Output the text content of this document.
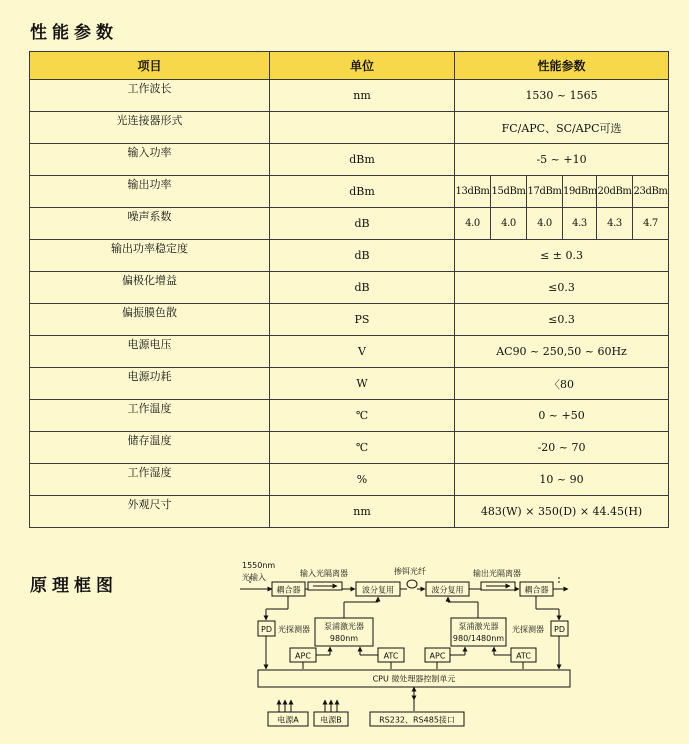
性能参数
项目	单位	性能参数					
工作波长	nm	1530 ~ 1565					
光连接器形式		FC/APC、SC/APC可选					
输入功率	dBm	-5 ~ +10					
输出功率	dBm	13dBm	15dBm	17dBm	19dBm	20dBm	23dBm
噪声系数	dB	4.0	4.0	4.0	4.3	4.3	4.7
输出功率稳定度	dB	≤ ± 0.3					
偏极化增益	dB	≤0.3					
偏振膜色散	PS	≤0.3					
电源电压	V	AC90 ~ 250,50 ~ 60Hz					
电源功耗	W	〈80					
工作温度	℃	0 ~ +50					
储存温度	℃	-20 ~ 70					
工作湿度	%	10 ~ 90					
外观尺寸	nm	483(W) × 350(D) × 44.45(H)					
原理框图
1550nm
光输入	输入光隔离器	掺铒光纤	输出光隔离器
耦合器	波分复用	波分复用	耦合器
PD	PD
光探测器	光探测器
泵浦激光器
980nm
泵浦激光器
980/1480nm
APC	ATC	APC	ATC
CPU 微处理器控制单元
电源A	电源B	RS232、RS485接口
